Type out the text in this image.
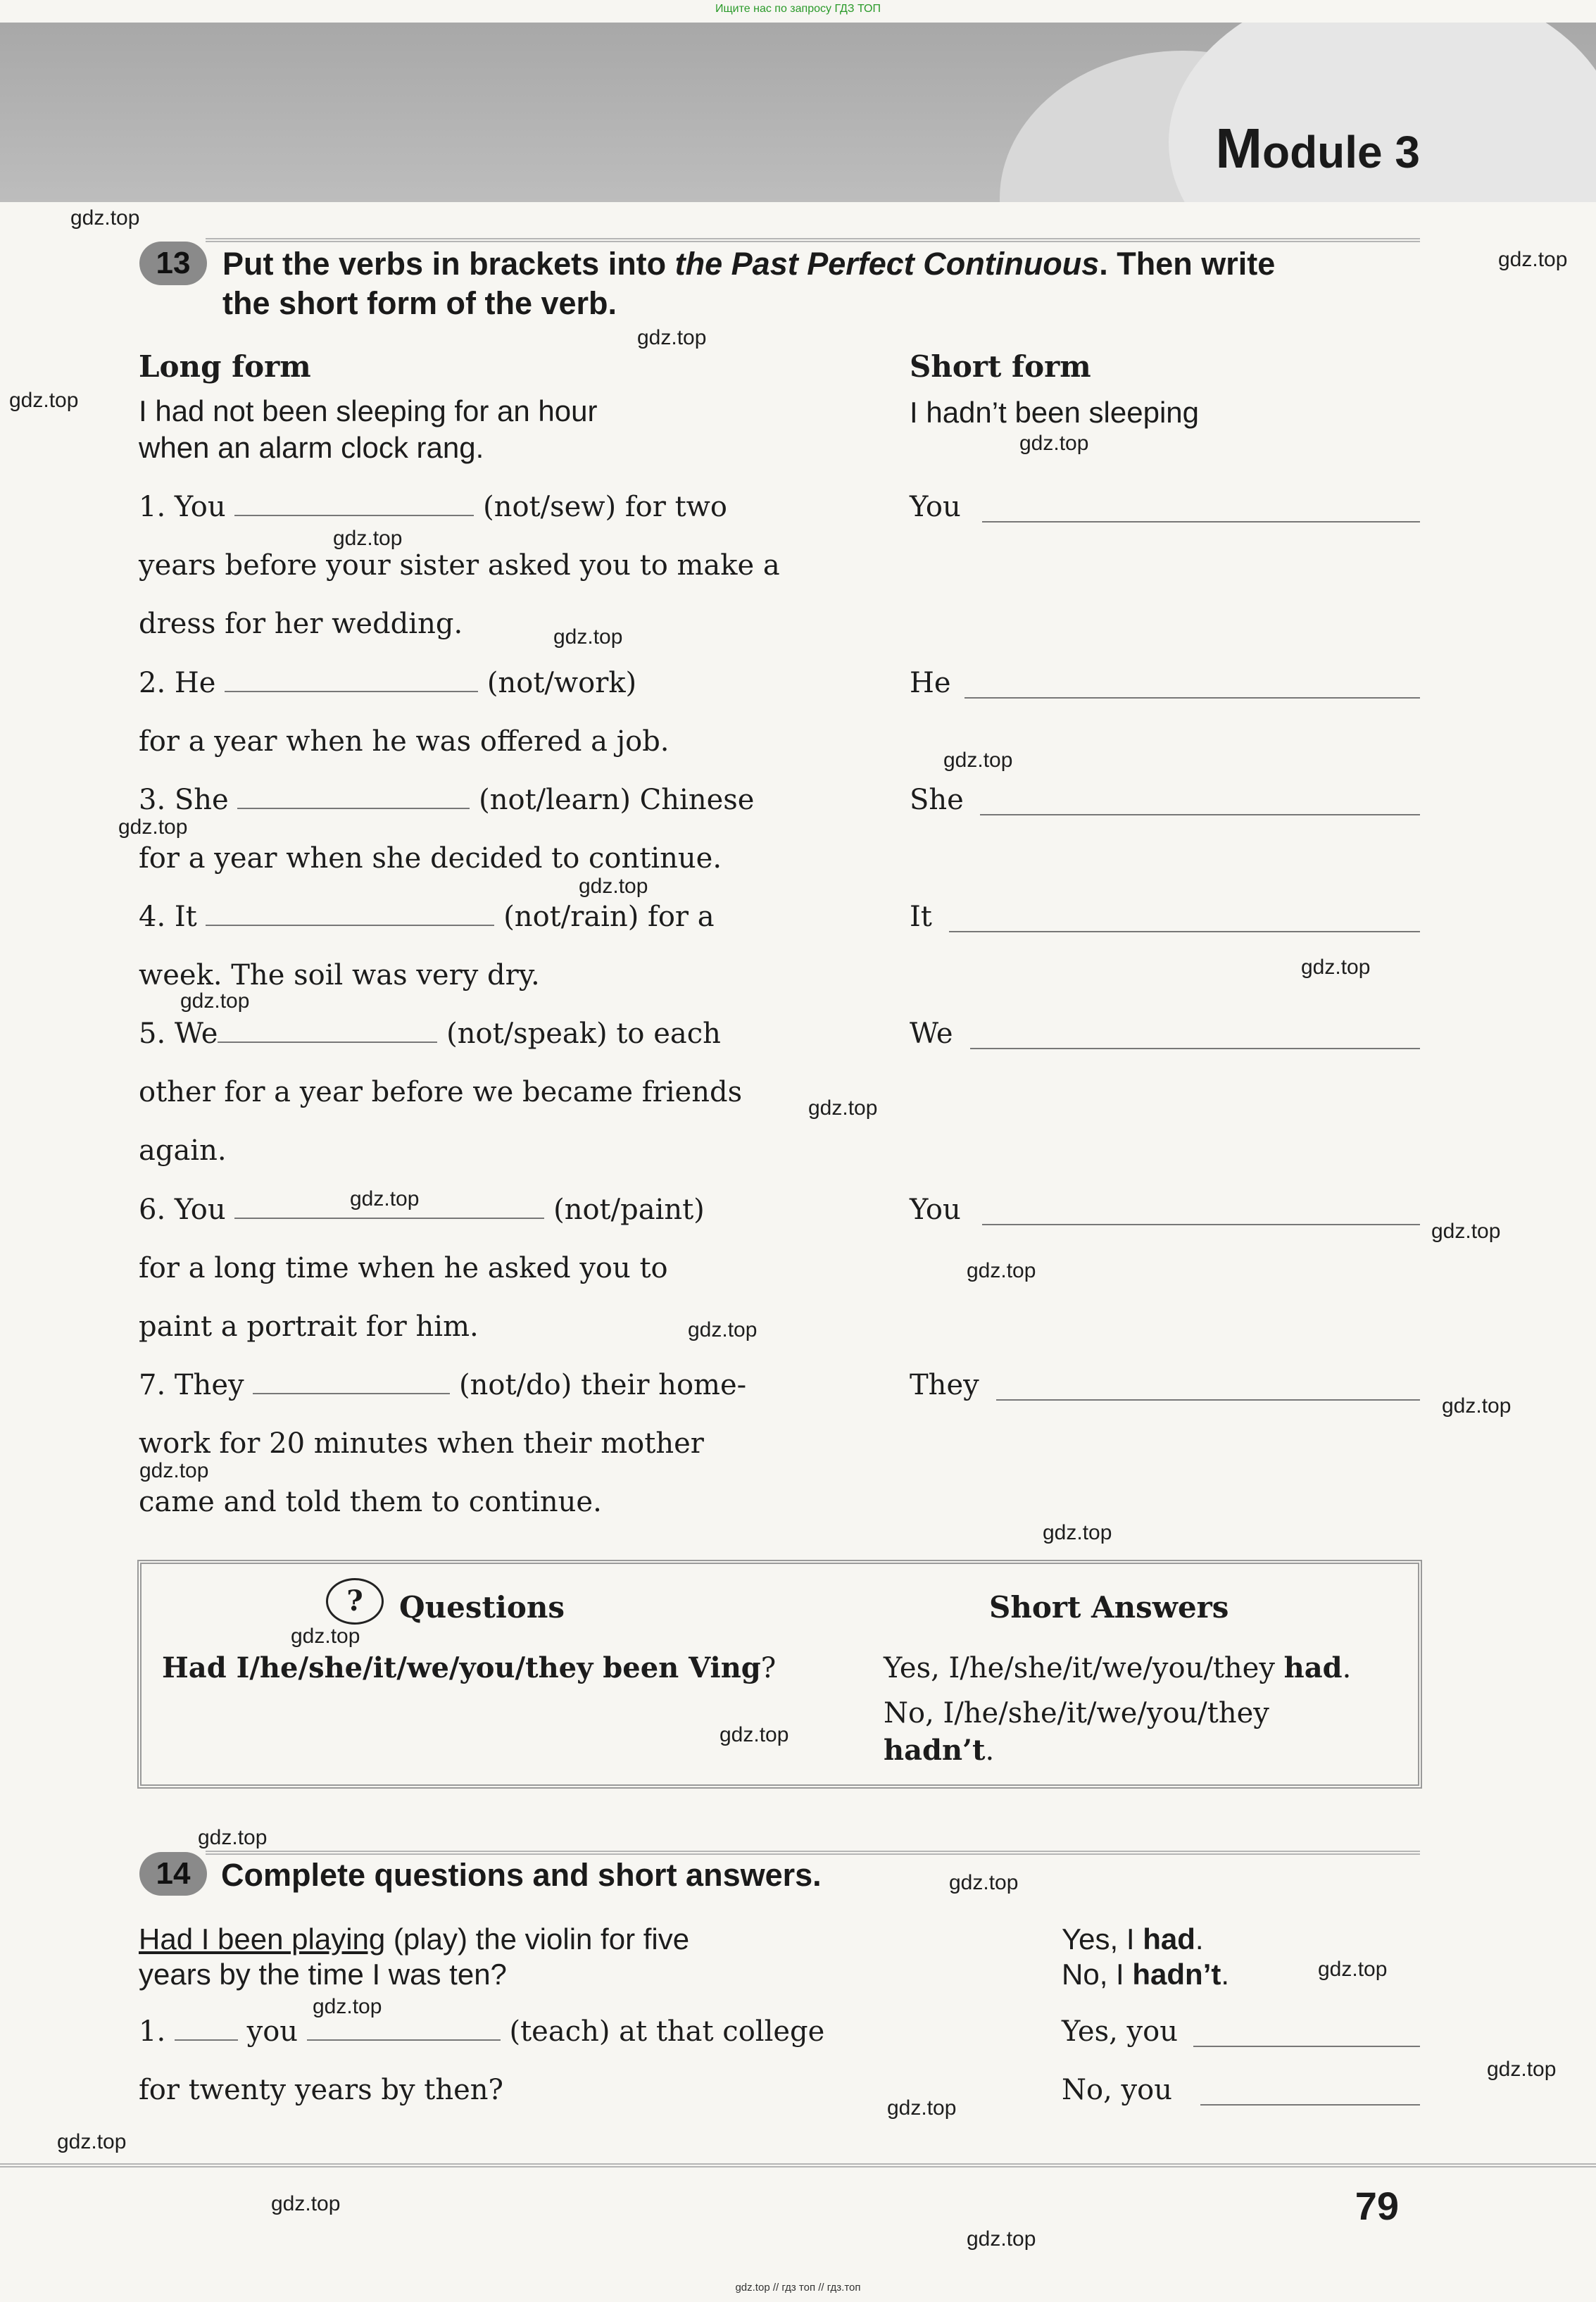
Ищите нас по запросу ГДЗ ТОП
Module 3
13	Put the verbs in brackets into the Past Perfect Continuous. Then write
the short form of the verb.
Long form	Short form
I had not been sleeping for an hour
when an alarm clock rang.
I hadn’t been sleeping
1. You	(not/sew) for two
years before your sister asked you to make a
dress for her wedding.
You
2. He	(not/work)
for a year when he was offered a job.
He
3. She	(not/learn) Chinese
for a year when she decided to continue.
She
4. It	(not/rain) for a
week. The soil was very dry.
It
5. We	(not/speak) to each
other for a year before we became friends
again.
We
6. You	(not/paint)
for a long time when he asked you to
paint a portrait for him.
You
7. They	(not/do) their home-
work for 20 minutes when their mother
came and told them to continue.
They
?	Questions	Short Answers
Had I/he/she/it/we/you/they been Ving?	Yes, I/he/she/it/we/you/they had.
No, I/he/she/it/we/you/they
hadn’t.
14 Complete questions and short answers.
Had I been playing (play) the violin for five
years by the time I was ten?
Yes, I had.
No, I hadn’t.
1.	you	(teach) at that college
for twenty years by then?
Yes, you
No, you
79
gdz.top // гдз топ // гдз.топ
gdz.top
gdz.top
gdz.top
gdz.top
gdz.top
gdz.top
gdz.top
gdz.top
gdz.top
gdz.top
gdz.top
gdz.top
gdz.top
gdz.top
gdz.top
gdz.top
gdz.top
gdz.top
gdz.top
gdz.top
gdz.top
gdz.top
gdz.top
gdz.top
gdz.top
gdz.top
gdz.top
gdz.top
gdz.top
gdz.top
gdz.top
